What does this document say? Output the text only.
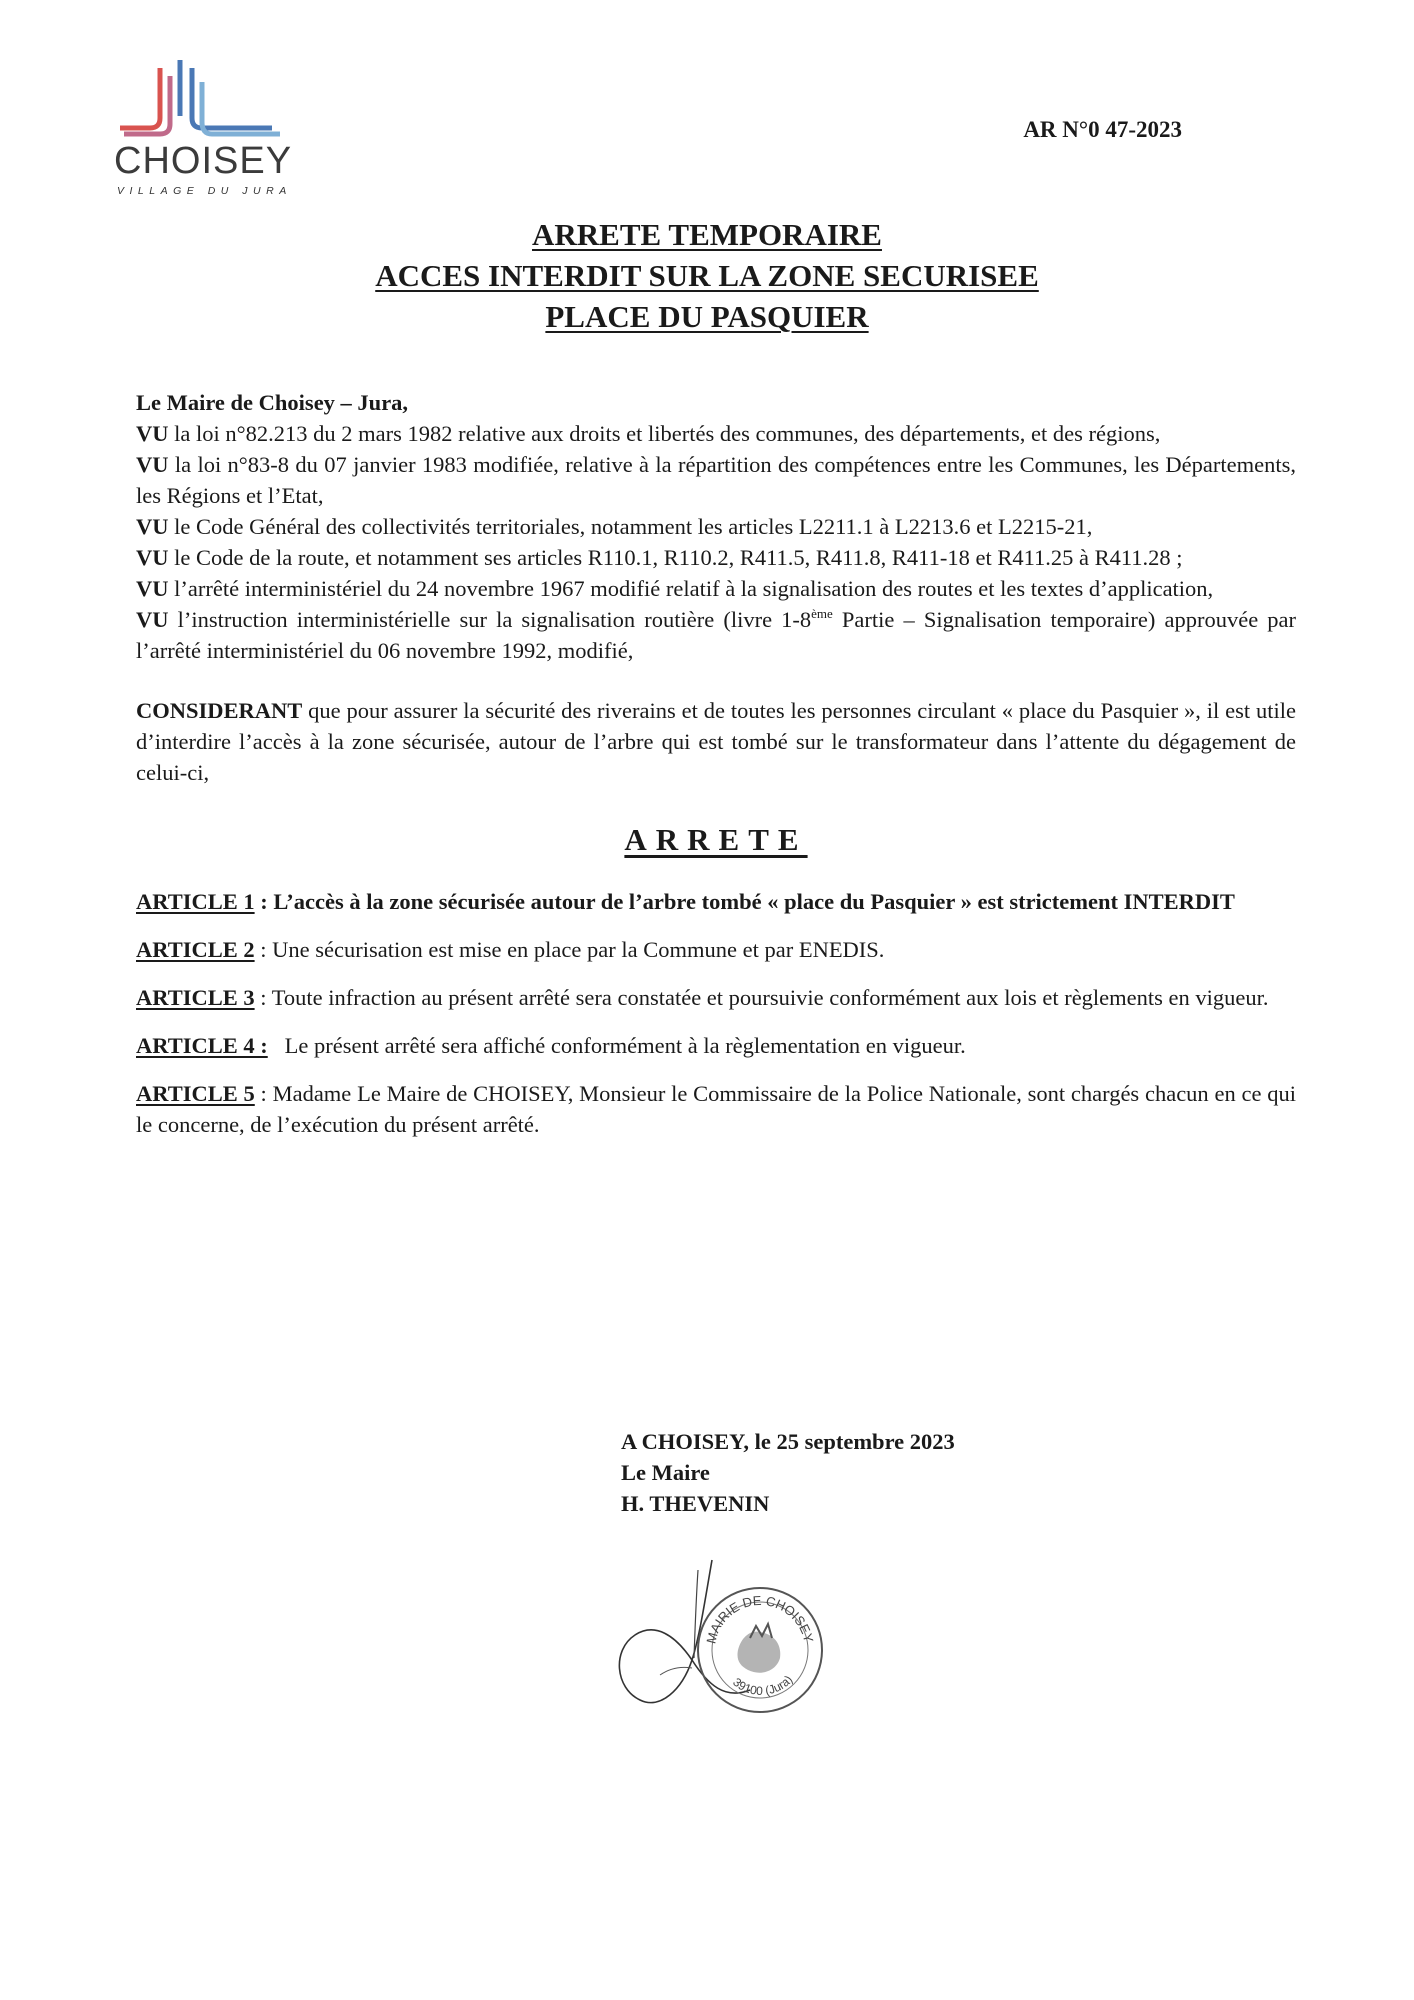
CHOISEY
VILLAGE DU JURA
AR N°0 47-2023
ARRETE TEMPORAIRE
ACCES INTERDIT SUR LA ZONE SECURISEE
PLACE DU PASQUIER

Le Maire de Choisey – Jura,

VU la loi n°82.213 du 2 mars 1982 relative aux droits et libertés des communes, des départements, et des régions,

VU la loi n°83-8 du 07 janvier 1983 modifiée, relative à la répartition des compétences entre les Communes, les Départements, les Régions et l’Etat,

VU le Code Général des collectivités territoriales, notamment les articles L2211.1 à L2213.6 et L2215-21,

VU le Code de la route, et notamment ses articles R110.1, R110.2, R411.5, R411.8, R411-18 et R411.25 à R411.28 ;

VU l’arrêté interministériel du 24 novembre 1967 modifié relatif à la signalisation des routes et les textes d’application,

VU l’instruction interministérielle sur la signalisation routière (livre 1-8ème Partie – Signalisation temporaire) approuvée par l’arrêté interministériel du 06 novembre 1992, modifié,

CONSIDERANT que pour assurer la sécurité des riverains et de toutes les personnes circulant « place du Pasquier », il est utile d’interdire l’accès à la zone sécurisée, autour de l’arbre qui est tombé sur le transformateur dans l’attente du dégagement de celui-ci,

ARRETE

ARTICLE 1 : L’accès à la zone sécurisée autour de l’arbre tombé « place du Pasquier » est strictement INTERDIT

ARTICLE 2 : Une sécurisation est mise en place par la Commune et par ENEDIS.

ARTICLE 3 : Toute infraction au présent arrêté sera constatée et poursuivie conformément aux lois et règlements en vigueur.

ARTICLE 4 : Le présent arrêté sera affiché conformément à la règlementation en vigueur.

ARTICLE 5 : Madame Le Maire de CHOISEY, Monsieur le Commissaire de la Police Nationale, sont chargés chacun en ce qui le concerne, de l’exécution du présent arrêté.

A CHOISEY, le 25 septembre 2023
Le Maire
H. THEVENIN
MAIRIE DE CHOISEY
39100 (Jura)
